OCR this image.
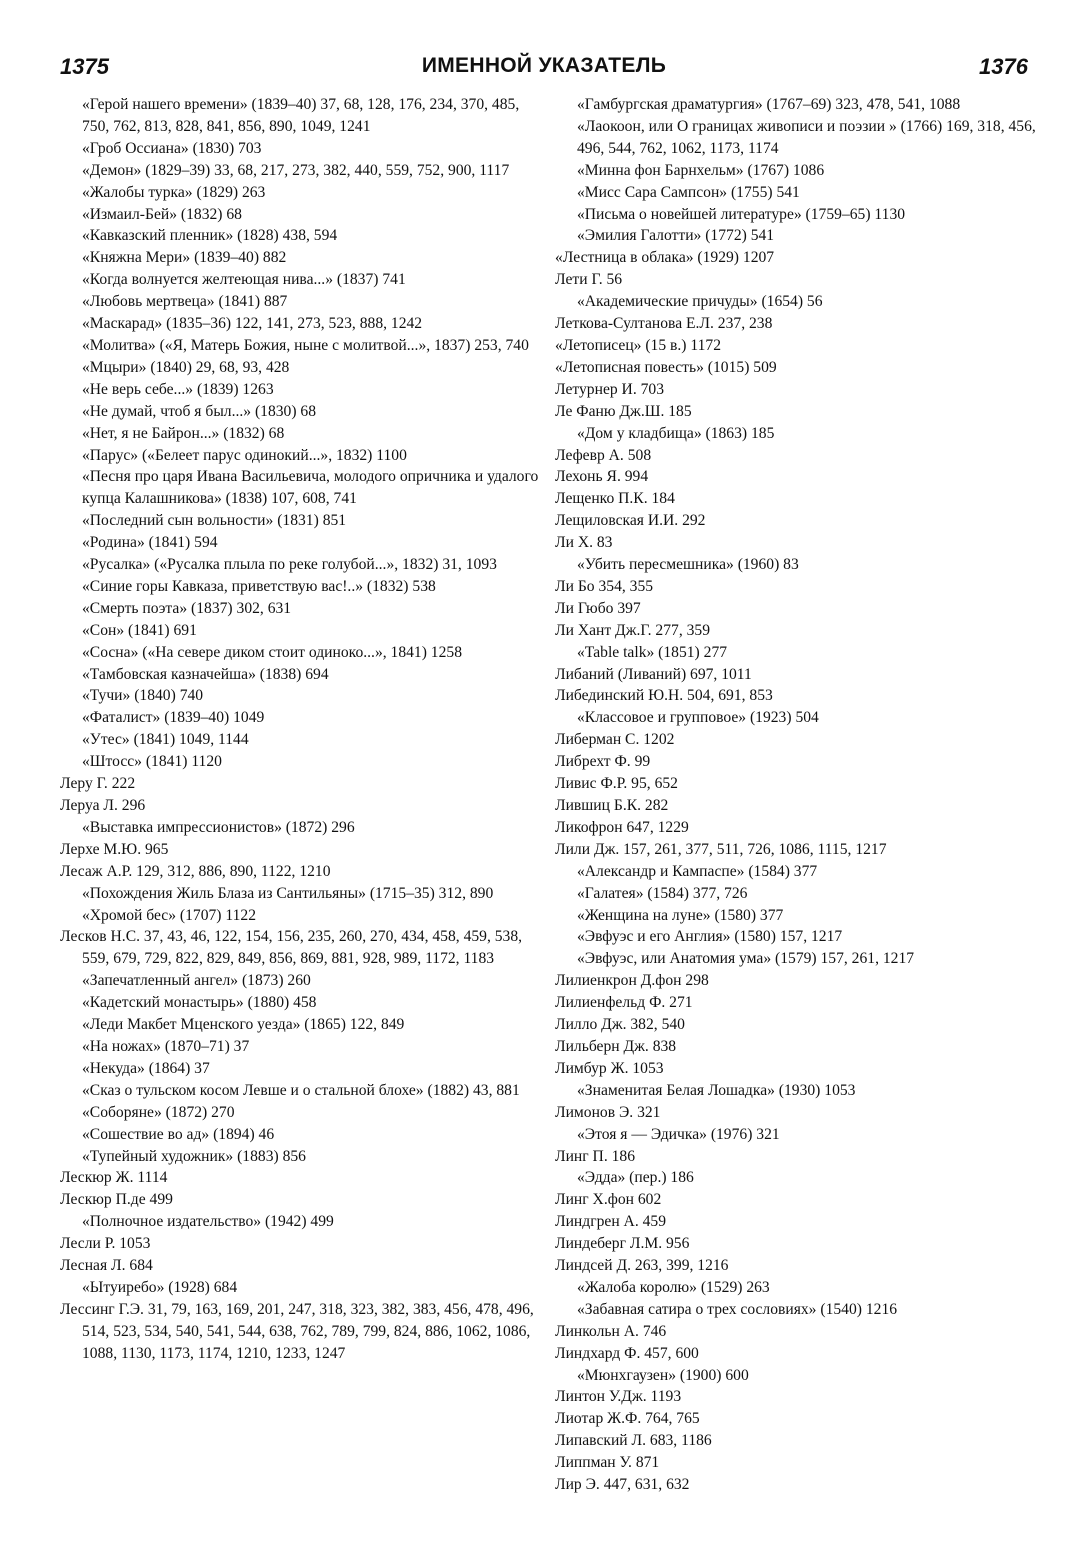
1375	ИМЕННОЙ УКАЗАТЕЛЬ	1376

«Герой нашего времени» (1839–40) 37, 68, 128, 176, 234, 370, 485, 750, 762, 813, 828, 841, 856, 890, 1049, 1241

«Гроб Оссиана» (1830) 703

«Демон» (1829–39) 33, 68, 217, 273, 382, 440, 559, 752, 900, 1117

«Жалобы турка» (1829) 263

«Измаил-Бей» (1832) 68

«Кавказский пленник» (1828) 438, 594

«Княжна Мери» (1839–40) 882

«Когда волнуется желтеющая нива...» (1837) 741

«Любовь мертвеца» (1841) 887

«Маскарад» (1835–36) 122, 141, 273, 523, 888, 1242

«Молитва» («Я, Матерь Божия, ныне с молитвой...», 1837) 253, 740

«Мцыри» (1840) 29, 68, 93, 428

«Не верь себе...» (1839) 1263

«Не думай, чтоб я был...» (1830) 68

«Нет, я не Байрон...» (1832) 68

«Парус» («Белеет парус одинокий...», 1832) 1100

«Песня про царя Ивана Васильевича, молодого опричника и удалого купца Калашникова» (1838) 107, 608, 741

«Последний сын вольности» (1831) 851

«Родина» (1841) 594

«Русалка» («Русалка плыла по реке голубой...», 1832) 31, 1093

«Синие горы Кавказа, приветствую вас!..» (1832) 538

«Смерть поэта» (1837) 302, 631

«Сон» (1841) 691

«Сосна» («На севере диком стоит одиноко...», 1841) 1258

«Тамбовская казначейша» (1838) 694

«Тучи» (1840) 740

«Фаталист» (1839–40) 1049

«Утес» (1841) 1049, 1144

«Штосс» (1841) 1120

Леру Г. 222

Леруа Л. 296

«Выставка импрессионистов» (1872) 296

Лерхе М.Ю. 965

Лесаж А.Р. 129, 312, 886, 890, 1122, 1210

«Похождения Жиль Блаза из Сантильяны» (1715–35) 312, 890

«Хромой бес» (1707) 1122

Лесков Н.С. 37, 43, 46, 122, 154, 156, 235, 260, 270, 434, 458, 459, 538, 559, 679, 729, 822, 829, 849, 856, 869, 881, 928, 989, 1172, 1183

«Запечатленный ангел» (1873) 260

«Кадетский монастырь» (1880) 458

«Леди Макбет Мценского уезда» (1865) 122, 849

«На ножах» (1870–71) 37

«Некуда» (1864) 37

«Сказ о тульском косом Левше и о стальной блохе» (1882) 43, 881

«Соборяне» (1872) 270

«Сошествие во ад» (1894) 46

«Тупейный художник» (1883) 856

Лескюр Ж. 1114

Лескюр П.де 499

«Полночное издательство» (1942) 499

Лесли Р. 1053

Лесная Л. 684

«Ытуиребо» (1928) 684

Лессинг Г.Э. 31, 79, 163, 169, 201, 247, 318, 323, 382, 383, 456, 478, 496, 514, 523, 534, 540, 541, 544, 638, 762, 789, 799, 824, 886, 1062, 1086, 1088, 1130, 1173, 1174, 1210, 1233, 1247

«Гамбургская драматургия» (1767–69) 323, 478, 541, 1088

«Лаокоон, или О границах живописи и поэзии » (1766) 169, 318, 456, 496, 544, 762, 1062, 1173, 1174

«Минна фон Барнхельм» (1767) 1086

«Мисс Сара Сампсон» (1755) 541

«Письма о новейшей литературе» (1759–65) 1130

«Эмилия Галотти» (1772) 541

«Лестница в облака» (1929) 1207

Лети Г. 56

«Академические причуды» (1654) 56

Леткова-Султанова Е.Л. 237, 238

«Летописец» (15 в.) 1172

«Летописная повесть» (1015) 509

Летурнер И. 703

Ле Фаню Дж.Ш. 185

«Дом у кладбища» (1863) 185

Лефевр А. 508

Лехонь Я. 994

Лещенко П.К. 184

Лещиловская И.И. 292

Ли Х. 83

«Убить пересмешника» (1960) 83

Ли Бо 354, 355

Ли Гюбо 397

Ли Хант Дж.Г. 277, 359

«Table talk» (1851) 277

Либаний (Ливаний) 697, 1011

Либединский Ю.Н. 504, 691, 853

«Классовое и групповое» (1923) 504

Либерман С. 1202

Либрехт Ф. 99

Ливис Ф.Р. 95, 652

Лившиц Б.К. 282

Ликофрон 647, 1229

Лили Дж. 157, 261, 377, 511, 726, 1086, 1115, 1217

«Александр и Кампаспе» (1584) 377

«Галатея» (1584) 377, 726

«Женщина на луне» (1580) 377

«Эвфуэс и его Англия» (1580) 157, 1217

«Эвфуэс, или Анатомия ума» (1579) 157, 261, 1217

Лилиенкрон Д.фон 298

Лилиенфельд Ф. 271

Лилло Дж. 382, 540

Лильберн Дж. 838

Лимбур Ж. 1053

«Знаменитая Белая Лошадка» (1930) 1053

Лимонов Э. 321

«Этоя я — Эдичка» (1976) 321

Линг П. 186

«Эдда» (пер.) 186

Линг Х.фон 602

Линдгрен А. 459

Линдеберг Л.М. 956

Линдсей Д. 263, 399, 1216

«Жалоба королю» (1529) 263

«Забавная сатира о трех сословиях» (1540) 1216

Линкольн А. 746

Линдхард Ф. 457, 600

«Мюнхгаузен» (1900) 600

Линтон У.Дж. 1193

Лиотар Ж.Ф. 764, 765

Липавский Л. 683, 1186

Липпман У. 871

Лир Э. 447, 631, 632
